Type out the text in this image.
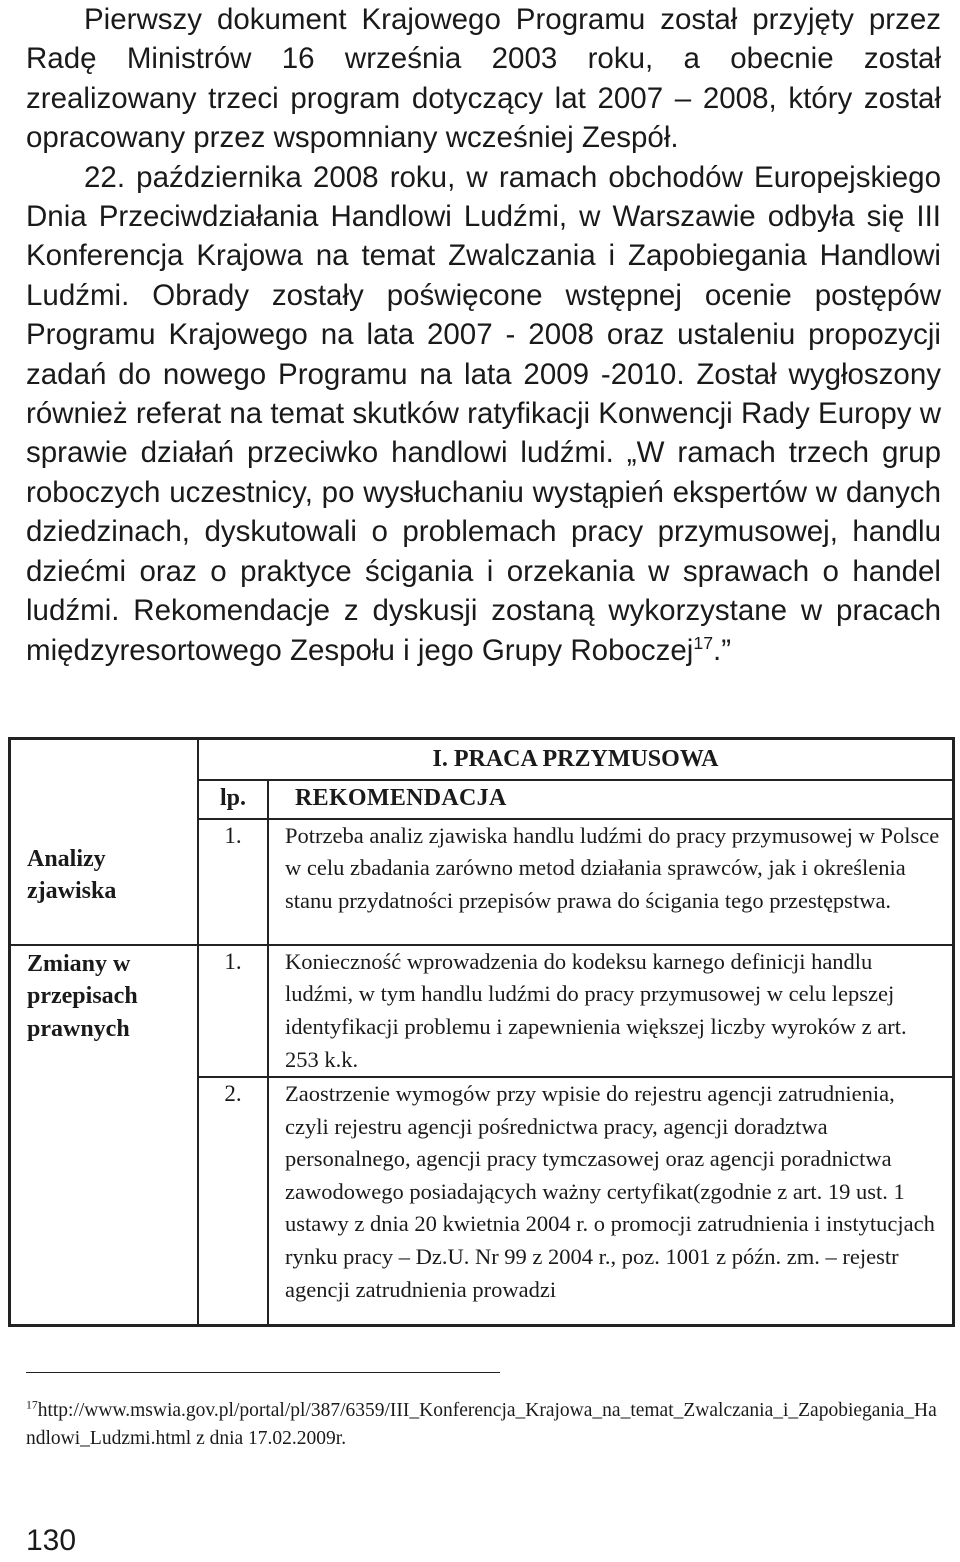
Pierwszy dokument Krajowego Programu został przyjęty przez Radę Ministrów 16 września 2003 roku, a obecnie został zrealizowany trzeci program dotyczący lat 2007 – 2008, który został opracowany przez wspomniany wcześniej Zespół.

22. października 2008 roku, w ramach obchodów Europejskiego Dnia Przeciwdziałania Handlowi Ludźmi, w Warszawie odbyła się III Konferencja Krajowa na temat Zwalczania i Zapobiegania Handlowi Ludźmi. Obrady zostały poświęcone wstępnej ocenie postępów Programu Krajowego na lata 2007 - 2008 oraz ustaleniu propozycji zadań do nowego Programu na lata 2009 -2010. Został wygłoszony również referat na temat skutków ratyfikacji Konwencji Rady Europy w sprawie działań przeciwko handlowi ludźmi. „W ramach trzech grup roboczych uczestnicy, po wysłuchaniu wystąpień ekspertów w danych dziedzinach, dyskutowali o problemach pracy przymusowej, handlu dziećmi oraz o praktyce ścigania i orzekania w sprawach o handel ludźmi. Rekomendacje z dyskusji zostaną wykorzystane w pracach międzyresortowego Zespołu i jego Grupy Roboczej$^{17}$.”

	I. PRACA PRZYMUSOWA	
	lp.	REKOMENDACJA

Analizy zjawiska	1.	Potrzeba analiz zjawiska handlu ludźmi do pracy przymusowej w Polsce w celu zbadania zarówno metod działania sprawców, jak i określenia stanu przydatności przepisów prawa do ścigania tego przestępstwa.

Zmiany w przepisach prawnych	1.	Konieczność wprowadzenia do kodeksu karnego definicji handlu ludźmi, w tym handlu ludźmi do pracy przymusowej w celu lepszej identyfikacji problemu i zapewnienia większej liczby wyroków z art. 253 k.k.
	2.	Zaostrzenie wymogów przy wpisie do rejestru agencji zatrudnienia, czyli rejestru agencji pośrednictwa pracy, agencji doradztwa personalnego, agencji pracy tymczasowej oraz agencji poradnictwa zawodowego posiadających ważny certyfikat(zgodnie z art. 19 ust. 1 ustawy z dnia 20 kwietnia 2004 r. o promocji zatrudnienia i instytucjach rynku pracy – Dz.U. Nr 99 z 2004 r., poz. 1001 z późn. zm. – rejestr agencji zatrudnienia prowadzi
$^{17}$http://www.mswia.gov.pl/portal/pl/387/6359/III_Konferencja_Krajowa_na_temat_Zwalczania_i_Zapobiegania_Handlowi_Ludzmi.html z dnia 17.02.2009r.
130
